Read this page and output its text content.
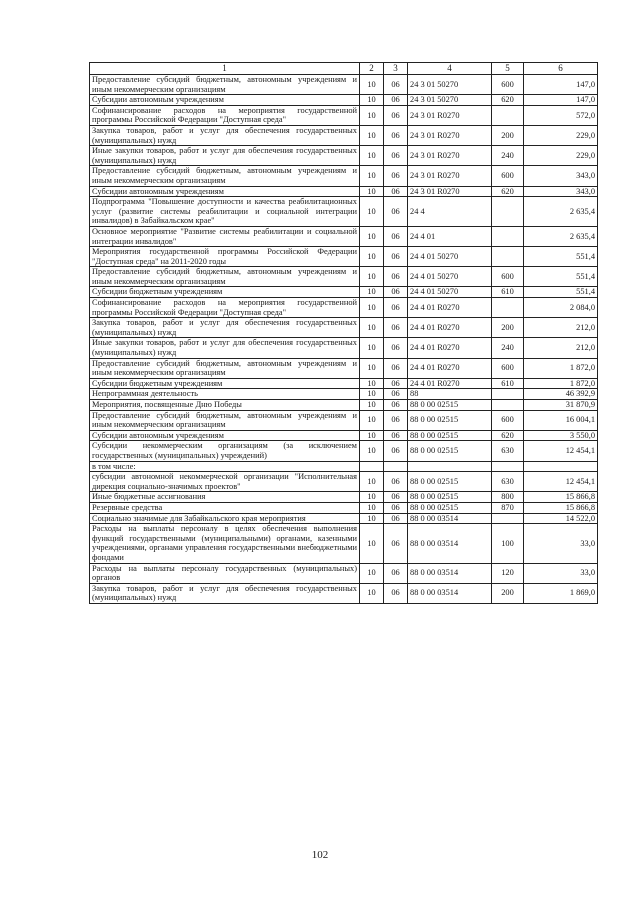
1	2	3	4	5	6
Предоставление субсидий бюджетным, автономным учреждениям и иным некоммерческим организациям	10	06	24 3 01 50270	600	147,0
Субсидии автономным учреждениям	10	06	24 3 01 50270	620	147,0
Софинансирование расходов на мероприятия государственной программы Российской Федерации "Доступная среда"	10	06	24 3 01 R0270		572,0
Закупка товаров, работ и услуг для обеспечения государственных (муниципальных) нужд	10	06	24 3 01 R0270	200	229,0
Иные закупки товаров, работ и услуг для обеспечения государственных (муниципальных) нужд	10	06	24 3 01 R0270	240	229,0
Предоставление субсидий бюджетным, автономным учреждениям и иным некоммерческим организациям	10	06	24 3 01 R0270	600	343,0
Субсидии автономным учреждениям	10	06	24 3 01 R0270	620	343,0
Подпрограмма "Повышение доступности и качества реабилитационных услуг (развитие системы реабилитации и социальной интеграции инвалидов) в Забайкальском крае"	10	06	24 4		2 635,4
Основное мероприятие "Развитие системы реабилитации и социальной интеграции инвалидов"	10	06	24 4 01		2 635,4
Мероприятия государственной программы Российской Федерации "Доступная среда" на 2011-2020 годы	10	06	24 4 01 50270		551,4
Предоставление субсидий бюджетным, автономным учреждениям и иным некоммерческим организациям	10	06	24 4 01 50270	600	551,4
Субсидии бюджетным учреждениям	10	06	24 4 01 50270	610	551,4
Софинансирование расходов на мероприятия государственной программы Российской Федерации "Доступная среда"	10	06	24 4 01 R0270		2 084,0
Закупка товаров, работ и услуг для обеспечения государственных (муниципальных) нужд	10	06	24 4 01 R0270	200	212,0
Иные закупки товаров, работ и услуг для обеспечения государственных (муниципальных) нужд	10	06	24 4 01 R0270	240	212,0
Предоставление субсидий бюджетным, автономным учреждениям и иным некоммерческим организациям	10	06	24 4 01 R0270	600	1 872,0
Субсидии бюджетным учреждениям	10	06	24 4 01 R0270	610	1 872,0
Непрограммная деятельность	10	06	88		46 392,9
Мероприятия, посвященные Дню Победы	10	06	88 0 00 02515		31 870,9
Предоставление субсидий бюджетным, автономным учреждениям и иным некоммерческим организациям	10	06	88 0 00 02515	600	16 004,1
Субсидии автономным учреждениям	10	06	88 0 00 02515	620	3 550,0
Субсидии некоммерческим организациям (за исключением государственных (муниципальных) учреждений)	10	06	88 0 00 02515	630	12 454,1
в том числе:					
субсидии автономной некоммерческой организации "Исполнительная дирекция социально-значимых проектов"	10	06	88 0 00 02515	630	12 454,1
Иные бюджетные ассигнования	10	06	88 0 00 02515	800	15 866,8
Резервные средства	10	06	88 0 00 02515	870	15 866,8
Социально значимые для Забайкальского края мероприятия	10	06	88 0 00 03514		14 522,0
Расходы на выплаты персоналу в целях обеспечения выполнения функций государственными (муниципальными) органами, казенными учреждениями, органами управления государственными внебюджетными фондами	10	06	88 0 00 03514	100	33,0
Расходы на выплаты персоналу государственных (муниципальных) органов	10	06	88 0 00 03514	120	33,0
Закупка товаров, работ и услуг для обеспечения государственных (муниципальных) нужд	10	06	88 0 00 03514	200	1 869,0
102
